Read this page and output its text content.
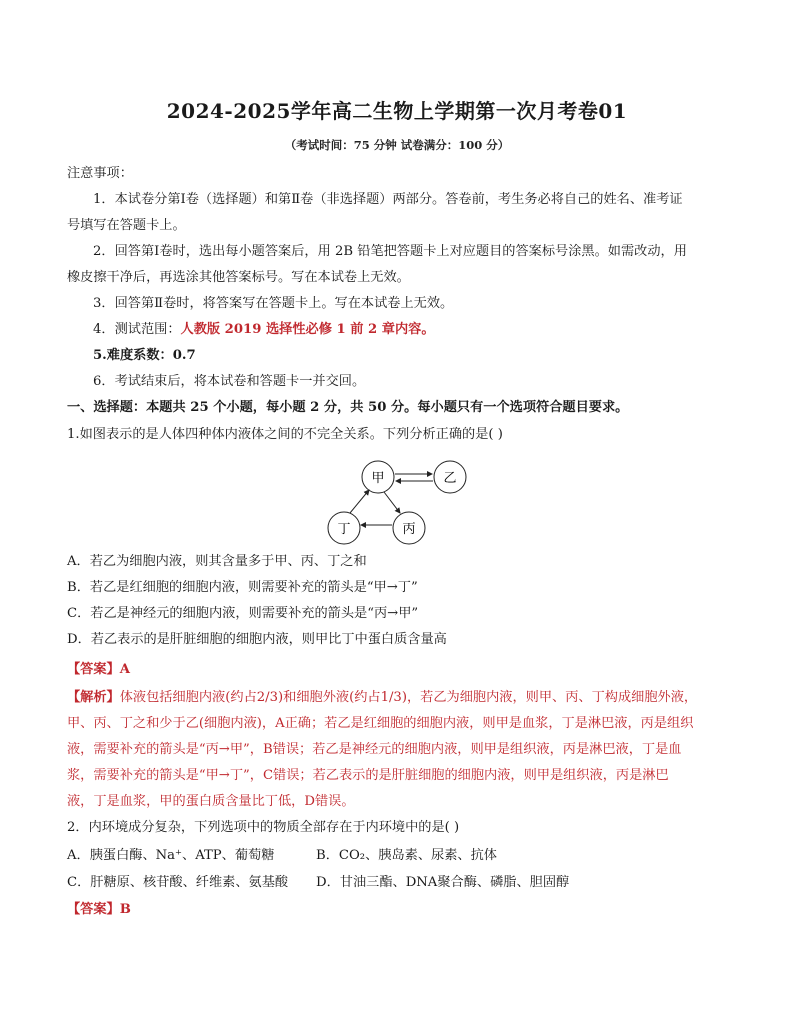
2024-2025学年高二生物上学期第一次月考卷01
（考试时间：75 分钟 试卷满分：100 分）
注意事项：
1．本试卷分第Ⅰ卷（选择题）和第Ⅱ卷（非选择题）两部分。答卷前，考生务必将自己的姓名、准考证
号填写在答题卡上。
2．回答第Ⅰ卷时，选出每小题答案后，用 2B 铅笔把答题卡上对应题目的答案标号涂黑。如需改动，用
橡皮擦干净后，再选涂其他答案标号。写在本试卷上无效。
3．回答第Ⅱ卷时，将答案写在答题卡上。写在本试卷上无效。
4．测试范围：人教版 2019 选择性必修 1 前 2 章内容。
5.难度系数：0.7
6．考试结束后，将本试卷和答题卡一并交回。
一、选择题：本题共 25 个小题，每小题 2 分，共 50 分。每小题只有一个选项符合题目要求。
1.如图表示的是人体四种体内液体之间的不完全关系。下列分析正确的是( )
甲	乙
丁	丙
A．若乙为细胞内液，则其含量多于甲、丙、丁之和
B．若乙是红细胞的细胞内液，则需要补充的箭头是“甲→丁”
C．若乙是神经元的细胞内液，则需要补充的箭头是“丙→甲”
D．若乙表示的是肝脏细胞的细胞内液，则甲比丁中蛋白质含量高
【答案】A
【解析】体液包括细胞内液(约占2/3)和细胞外液(约占1/3)，若乙为细胞内液，则甲、丙、丁构成细胞外液，
甲、丙、丁之和少于乙(细胞内液)，A正确；若乙是红细胞的细胞内液，则甲是血浆，丁是淋巴液，丙是组织
液，需要补充的箭头是“丙→甲”，B错误；若乙是神经元的细胞内液，则甲是组织液，丙是淋巴液，丁是血
浆，需要补充的箭头是“甲→丁”，C错误；若乙表示的是肝脏细胞的细胞内液，则甲是组织液，丙是淋巴
液，丁是血浆，甲的蛋白质含量比丁低，D错误。
2．内环境成分复杂，下列选项中的物质全部存在于内环境中的是( )
A．胰蛋白酶、Na⁺、ATP、葡萄糖	B．CO₂、胰岛素、尿素、抗体
C．肝糖原、核苷酸、纤维素、氨基酸 D．甘油三酯、DNA聚合酶、磷脂、胆固醇
【答案】B
